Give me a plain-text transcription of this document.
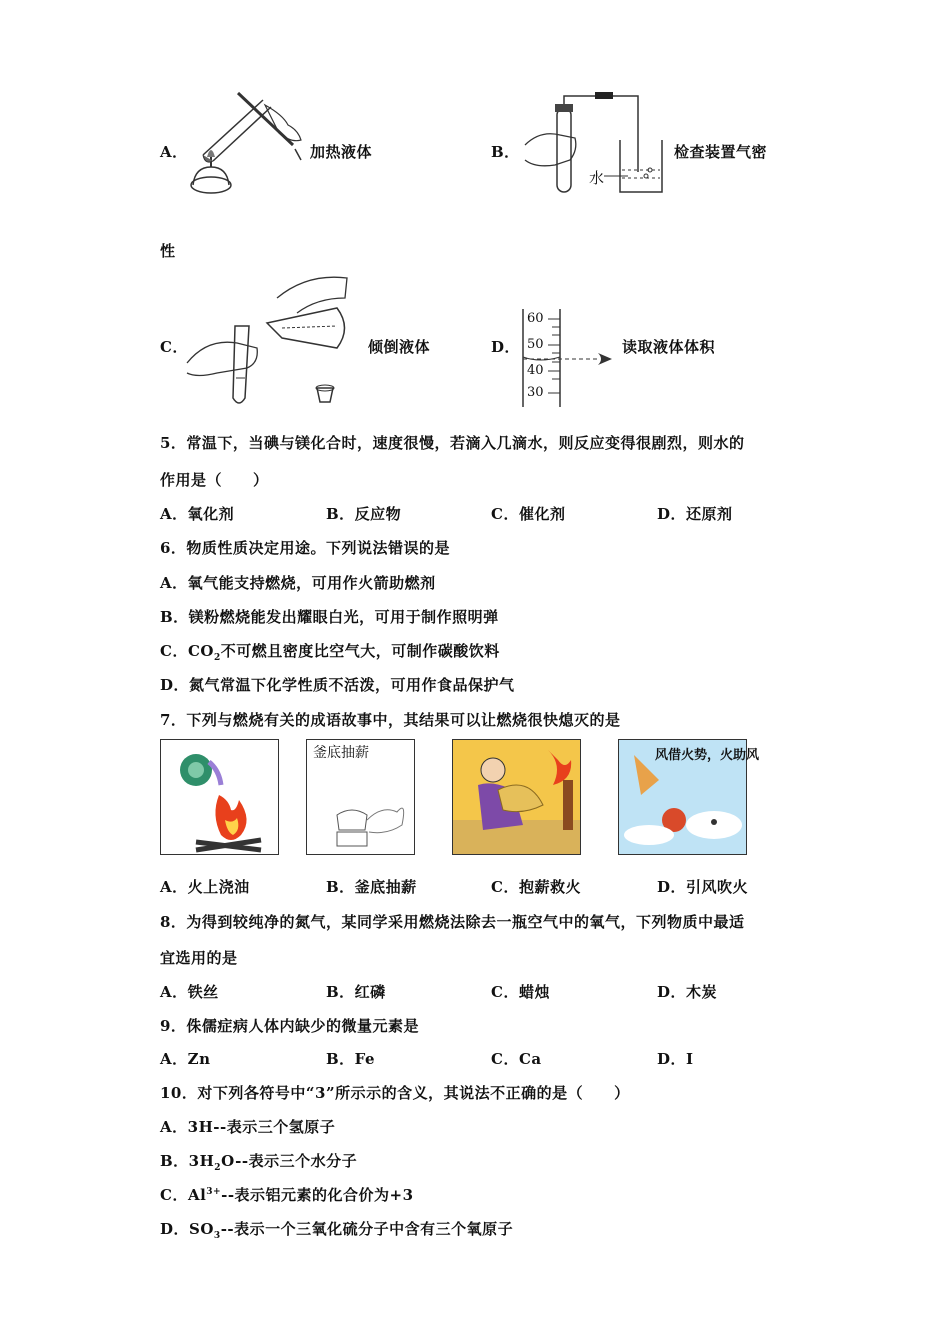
A．	加热液体	B．
水
检查装置气密
性
C．	倾倒液体	D．
60
50
40
30
读取液体体积
5．常温下，当碘与镁化合时，速度很慢，若滴入几滴水，则反应变得很剧烈，则水的
作用是（　　）
A．氧化剂	B．反应物	C．催化剂	D．还原剂
6．物质性质决定用途。下列说法错误的是
A．氧气能支持燃烧，可用作火箭助燃剂
B．镁粉燃烧能发出耀眼白光，可用于制作照明弹
C．$CO_2$不可燃且密度比空气大，可制作碳酸饮料
D．氮气常温下化学性质不活泼，可用作食品保护气
7．下列与燃烧有关的成语故事中，其结果可以让燃烧很快熄灭的是
釜底抽薪	风借火势，火助风
A．火上浇油	B．釜底抽薪	C．抱薪救火	D．引风吹火
8．为得到较纯净的氮气，某同学采用燃烧法除去一瓶空气中的氧气，下列物质中最适
宜选用的是
A．铁丝	B．红磷	C．蜡烛	D．木炭
9．侏儒症病人体内缺少的微量元素是
A．Zn	B．Fe	C．Ca	D．I
10．对下列各符号中“3”所示示的含义，其说法不正确的是（　　）
A．3H--表示三个氢原子
B．$3H_2O--$表示三个水分子
C．$Al^{3+}--$表示铝元素的化合价为+3
D．$SO_3--$表示一个三氧化硫分子中含有三个氧原子
